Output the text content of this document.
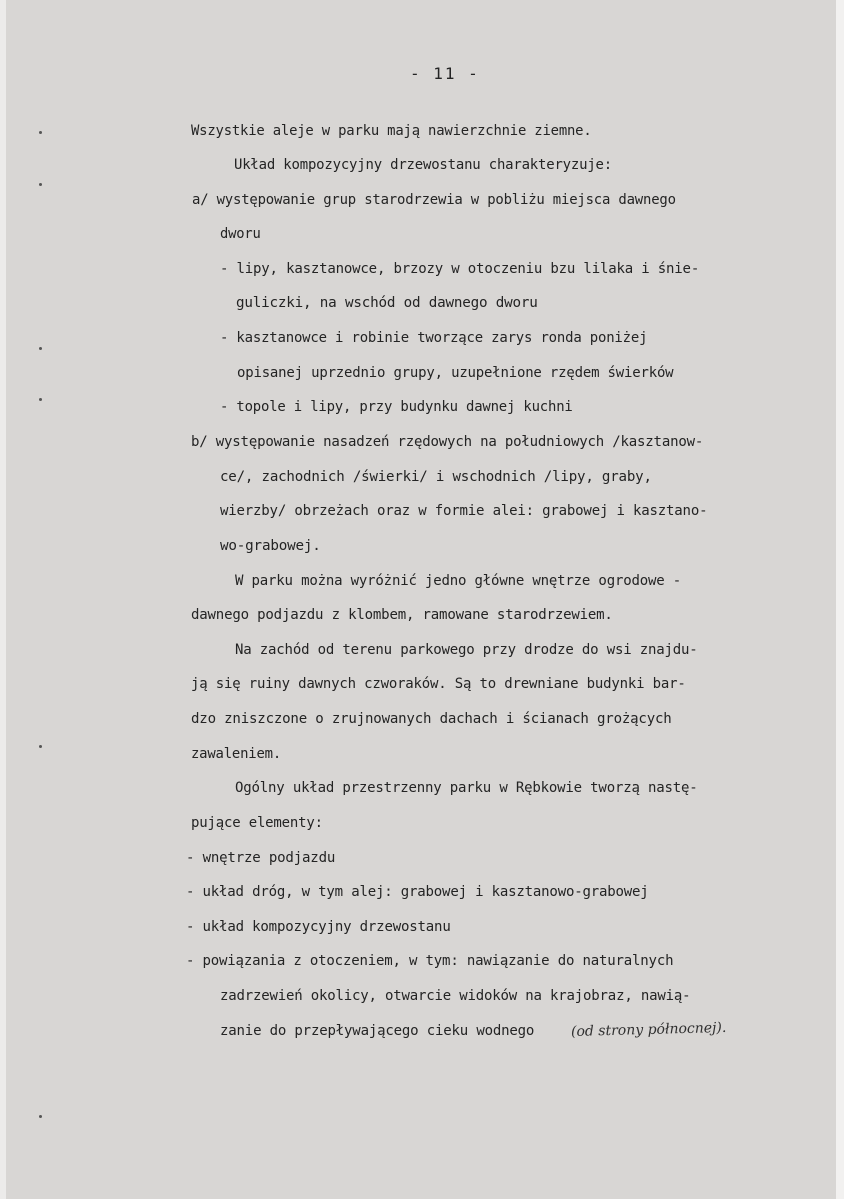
- 11 -
Wszystkie aleje w parku mają nawierzchnie ziemne.
Układ kompozycyjny drzewostanu charakteryzuje:
a/ występowanie grup starodrzewia w pobliżu miejsca dawnego
dworu
- lipy, kasztanowce, brzozy w otoczeniu bzu lilaka i śnie-
guliczki, na wschód od dawnego dworu
- kasztanowce i robinie tworzące zarys ronda poniżej
opisanej uprzednio grupy, uzupełnione rzędem świerków
- topole i lipy, przy budynku dawnej kuchni
b/ występowanie nasadzeń rzędowych na południowych /kasztanow-
ce/, zachodnich /świerki/ i wschodnich /lipy, graby,
wierzby/ obrzeżach oraz w formie alei: grabowej i kasztano-
wo-grabowej.
W parku można wyróżnić jedno główne wnętrze ogrodowe -
dawnego podjazdu z klombem, ramowane starodrzewiem.
Na zachód od terenu parkowego przy drodze do wsi znajdu-
ją się ruiny dawnych czworaków. Są to drewniane budynki bar-
dzo zniszczone o zrujnowanych dachach i ścianach grożących
zawaleniem.
Ogólny układ przestrzenny parku w Rębkowie tworzą nastę-
pujące elementy:
- wnętrze podjazdu
- układ dróg, w tym alej: grabowej i kasztanowo-grabowej
- układ kompozycyjny drzewostanu
- powiązania z otoczeniem, w tym: nawiązanie do naturalnych
zadrzewień okolicy, otwarcie widoków na krajobraz, nawią-
zanie do przepływającego cieku wodnego	(od strony północnej).
